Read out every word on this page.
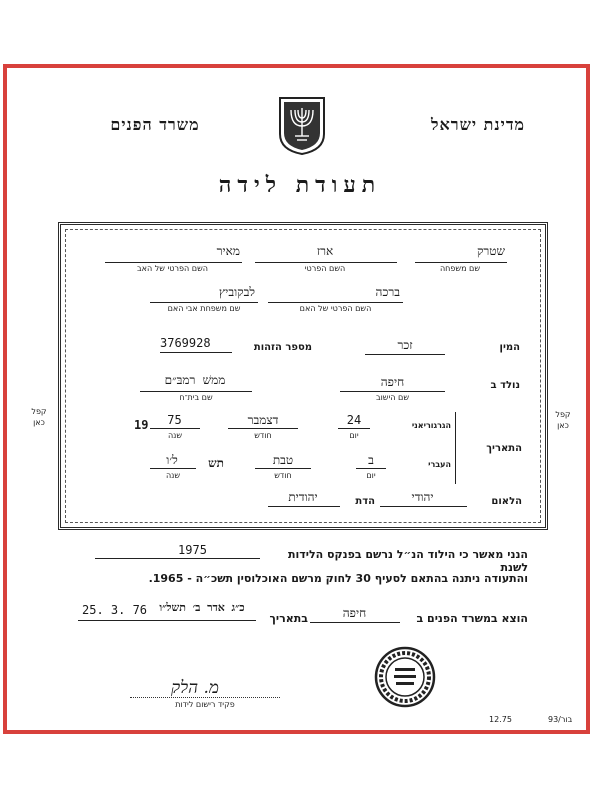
מדינת ישראל
משרד הפנים
תעודת לידה
שטרק
שם משפחה
ארז
השם הפרטי
מאיר
השם הפרטי של האב
ברכה
השם הפרטי של האם
לבקוביץ
שם משפחת אבי האם
המין
זכר
מספר הזהות
3769928
נולד ב
חיפה
שם הישוב
ממשׁ רמבּ״ם
שם בית־ח
התאריך
הגרגוריאני
24
יום
דצמבר
חודש
19	75
שנה
העברי
ב
יום
טבת
חודש
תש
ל׳ו
שנה
הלאום
יהודי
הדת
יהודית
קפל
כאן
קפל
כאן
הנני מאשר כי הילוד הנ״ל נרשם בפנקס הלידות לשנת
1975
והתעודה ניתנה בהתאם לסעיף 30 לחוק מרשם האוכלוסין תשכ״ה - 1965.
הוצא במשרד הפנים ב
חיפה
בתאריך
25. 3. 76	כ״ג אדר ב׳ תשל״ו
מ. הלק
פקיד רישום לידות
93/בור
12.75
